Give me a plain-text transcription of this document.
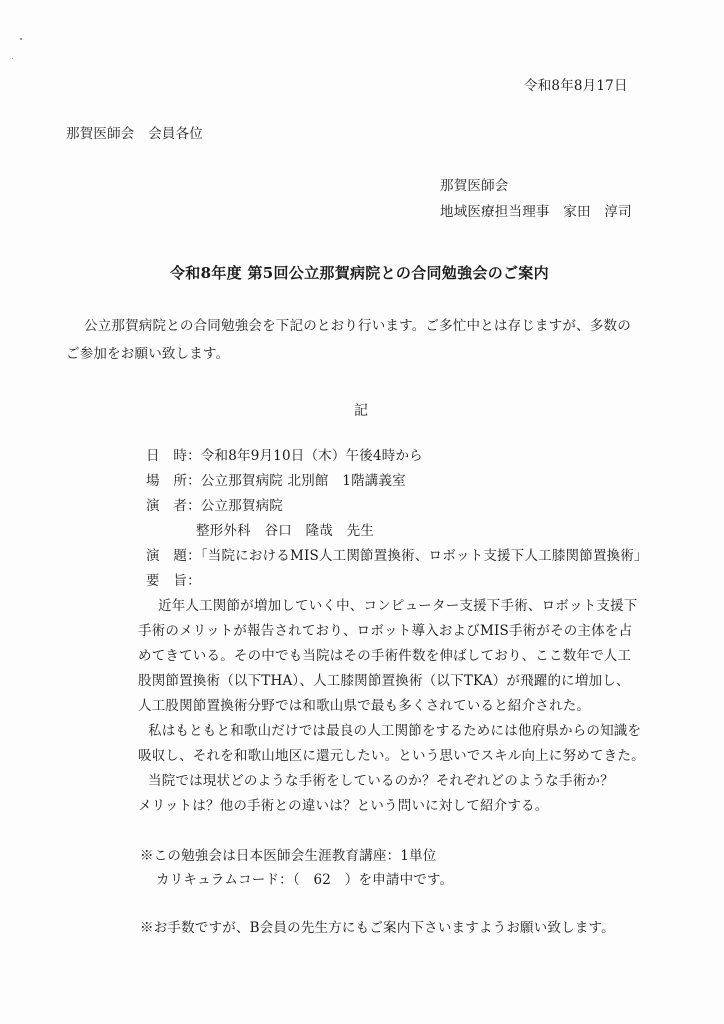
令和8年8月17日
那賀医師会　会員各位
那賀医師会
地域医療担当理事　家田　淳司
令和8年度 第5回公立那賀病院との合同勉強会のご案内
公立那賀病院との合同勉強会を下記のとおり行います。ご多忙中とは存じますが、多数の
ご参加をお願い致します。
記
日　時：令和8年9月10日（木）午後4時から
場　所：公立那賀病院 北別館　1階講義室
演　者：公立那賀病院
整形外科　谷口　隆哉　先生
演　題：「当院におけるMIS人工関節置換術、ロボット支援下人工膝関節置換術」
要　旨：
近年人工関節が増加していく中、コンピューター支援下手術、ロボット支援下
手術のメリットが報告されており、ロボット導入およびMIS手術がその主体を占
めてきている。その中でも当院はその手術件数を伸ばしており、ここ数年で人工
股関節置換術（以下THA）、人工膝関節置換術（以下TKA）が飛躍的に増加し、
人工股関節置換術分野では和歌山県で最も多くされていると紹介された。
私はもともと和歌山だけでは最良の人工関節をするためには他府県からの知識を
吸収し、それを和歌山地区に還元したい。という思いでスキル向上に努めてきた。
当院では現状どのような手術をしているのか？それぞれどのような手術か？
メリットは？他の手術との違いは？という問いに対して紹介する。
※この勉強会は日本医師会生涯教育講座：1単位
カリキュラムコード：（　62　）を申請中です。
※お手数ですが、B会員の先生方にもご案内下さいますようお願い致します。
